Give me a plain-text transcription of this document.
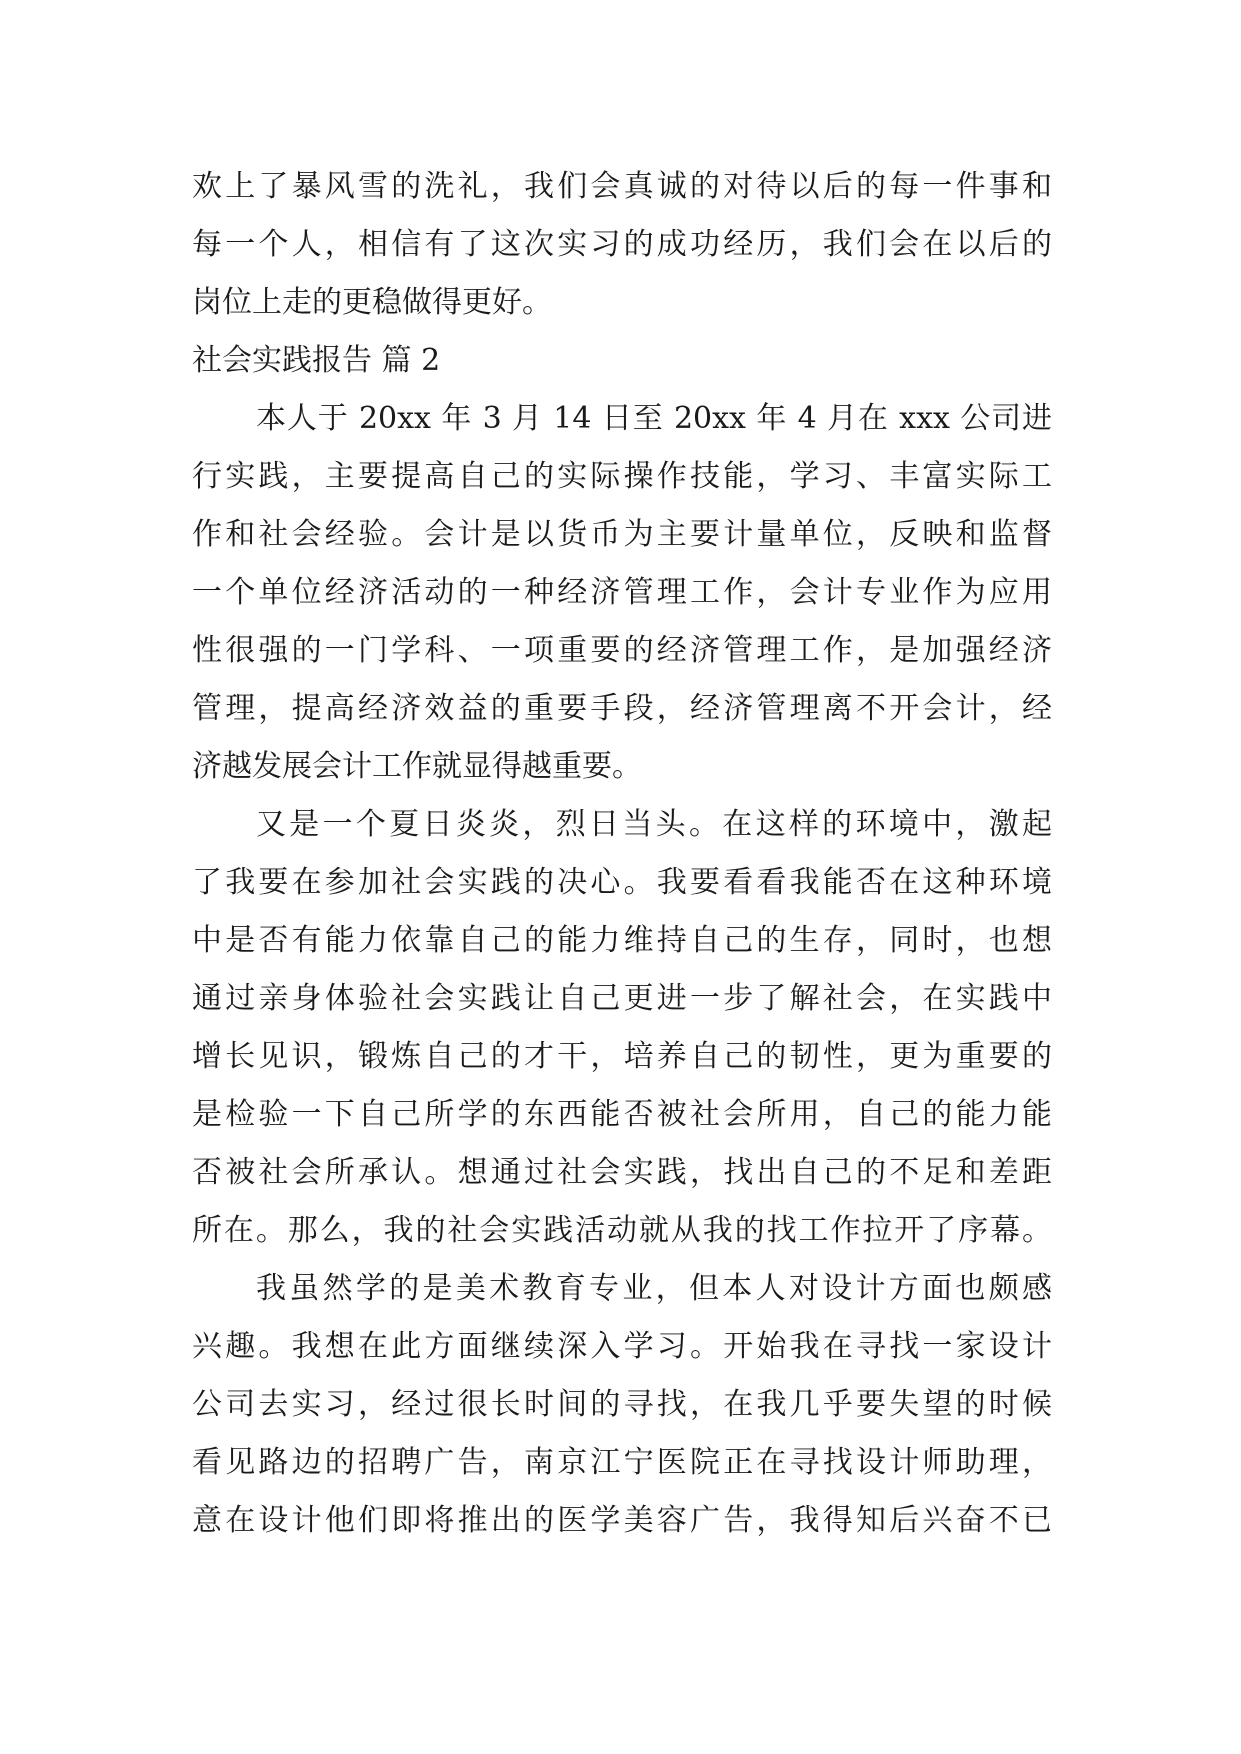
欢上了暴风雪的洗礼，我们会真诚的对待以后的每一件事和
每一个人，相信有了这次实习的成功经历，我们会在以后的
岗位上走的更稳做得更好。
社会实践报告 篇 2
本人于 20xx 年 3 月 14 日至 20xx 年 4 月在 xxx 公司进
行实践，主要提高自己的实际操作技能，学习、丰富实际工
作和社会经验。会计是以货币为主要计量单位，反映和监督
一个单位经济活动的一种经济管理工作，会计专业作为应用
性很强的一门学科、一项重要的经济管理工作，是加强经济
管理，提高经济效益的重要手段，经济管理离不开会计，经
济越发展会计工作就显得越重要。
又是一个夏日炎炎，烈日当头。在这样的环境中，激起
了我要在参加社会实践的决心。我要看看我能否在这种环境
中是否有能力依靠自己的能力维持自己的生存，同时，也想
通过亲身体验社会实践让自己更进一步了解社会，在实践中
增长见识，锻炼自己的才干，培养自己的韧性，更为重要的
是检验一下自己所学的东西能否被社会所用，自己的能力能
否被社会所承认。想通过社会实践，找出自己的不足和差距
所在。那么，我的社会实践活动就从我的找工作拉开了序幕。
我虽然学的是美术教育专业，但本人对设计方面也颇感
兴趣。我想在此方面继续深入学习。开始我在寻找一家设计
公司去实习，经过很长时间的寻找，在我几乎要失望的时候
看见路边的招聘广告，南京江宁医院正在寻找设计师助理，
意在设计他们即将推出的医学美容广告，我得知后兴奋不已
